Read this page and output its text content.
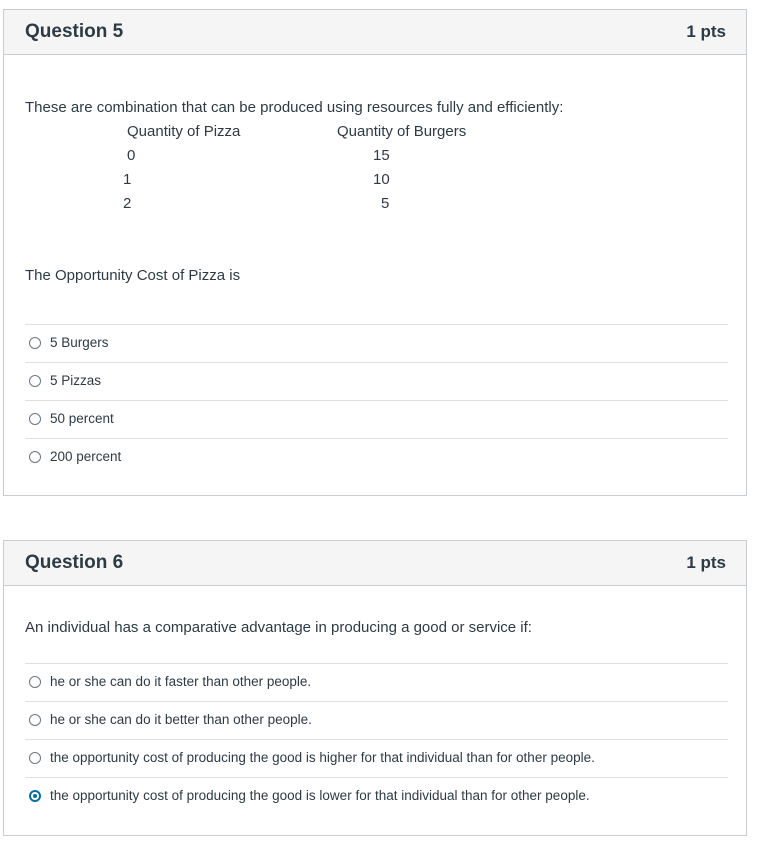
Question 5	1 pts
These are combination that can be produced using resources fully and efficiently:
Quantity of Pizza	Quantity of Burgers
0	15
1	10
2	5
The Opportunity Cost of Pizza is
5 Burgers
5 Pizzas
50 percent
200 percent
Question 6	1 pts
An individual has a comparative advantage in producing a good or service if:
he or she can do it faster than other people.
he or she can do it better than other people.
the opportunity cost of producing the good is higher for that individual than for other people.
the opportunity cost of producing the good is lower for that individual than for other people.
